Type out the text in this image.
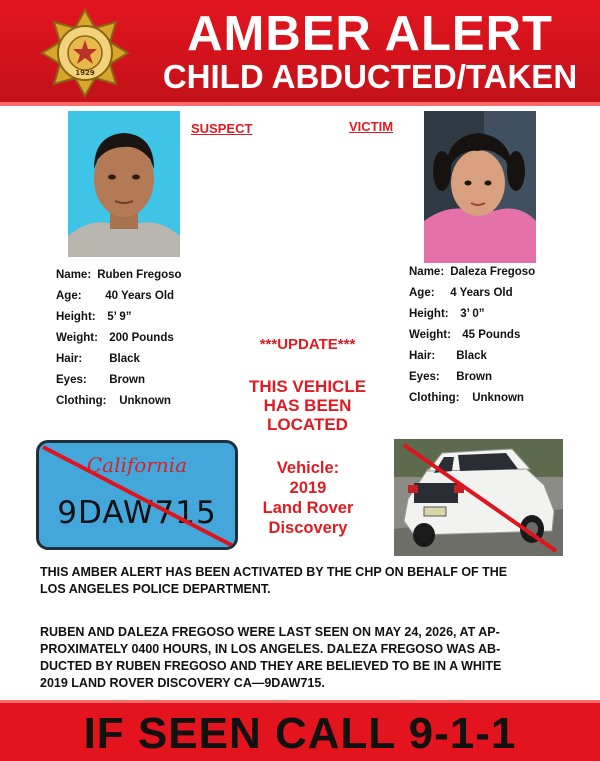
1929
AMBER ALERT
CHILD ABDUCTED/TAKEN
SUSPECT	VICTIM
Name: Ruben Fregoso
Age: 40 Years Old
Height: 5’ 9”
Weight: 200 Pounds
Hair: Black
Eyes: Brown
Clothing: Unknown
Name: Daleza Fregoso
Age: 4 Years Old
Height: 3’ 0”
Weight: 45 Pounds
Hair: Black
Eyes: Brown
Clothing: Unknown
***UPDATE***
THIS VEHICLE
HAS BEEN
LOCATED
California
9DAW715
Vehicle:
2019
Land Rover
Discovery
THIS AMBER ALERT HAS BEEN ACTIVATED BY THE CHP ON BEHALF OF THE
LOS ANGELES POLICE DEPARTMENT.
RUBEN AND DALEZA FREGOSO WERE LAST SEEN ON MAY 24, 2026, AT AP-
PROXIMATELY 0400 HOURS, IN LOS ANGELES. DALEZA FREGOSO WAS AB-
DUCTED BY RUBEN FREGOSO AND THEY ARE BELIEVED TO BE IN A WHITE
2019 LAND ROVER DISCOVERY CA—9DAW715.
IF SEEN CALL 9-1-1
